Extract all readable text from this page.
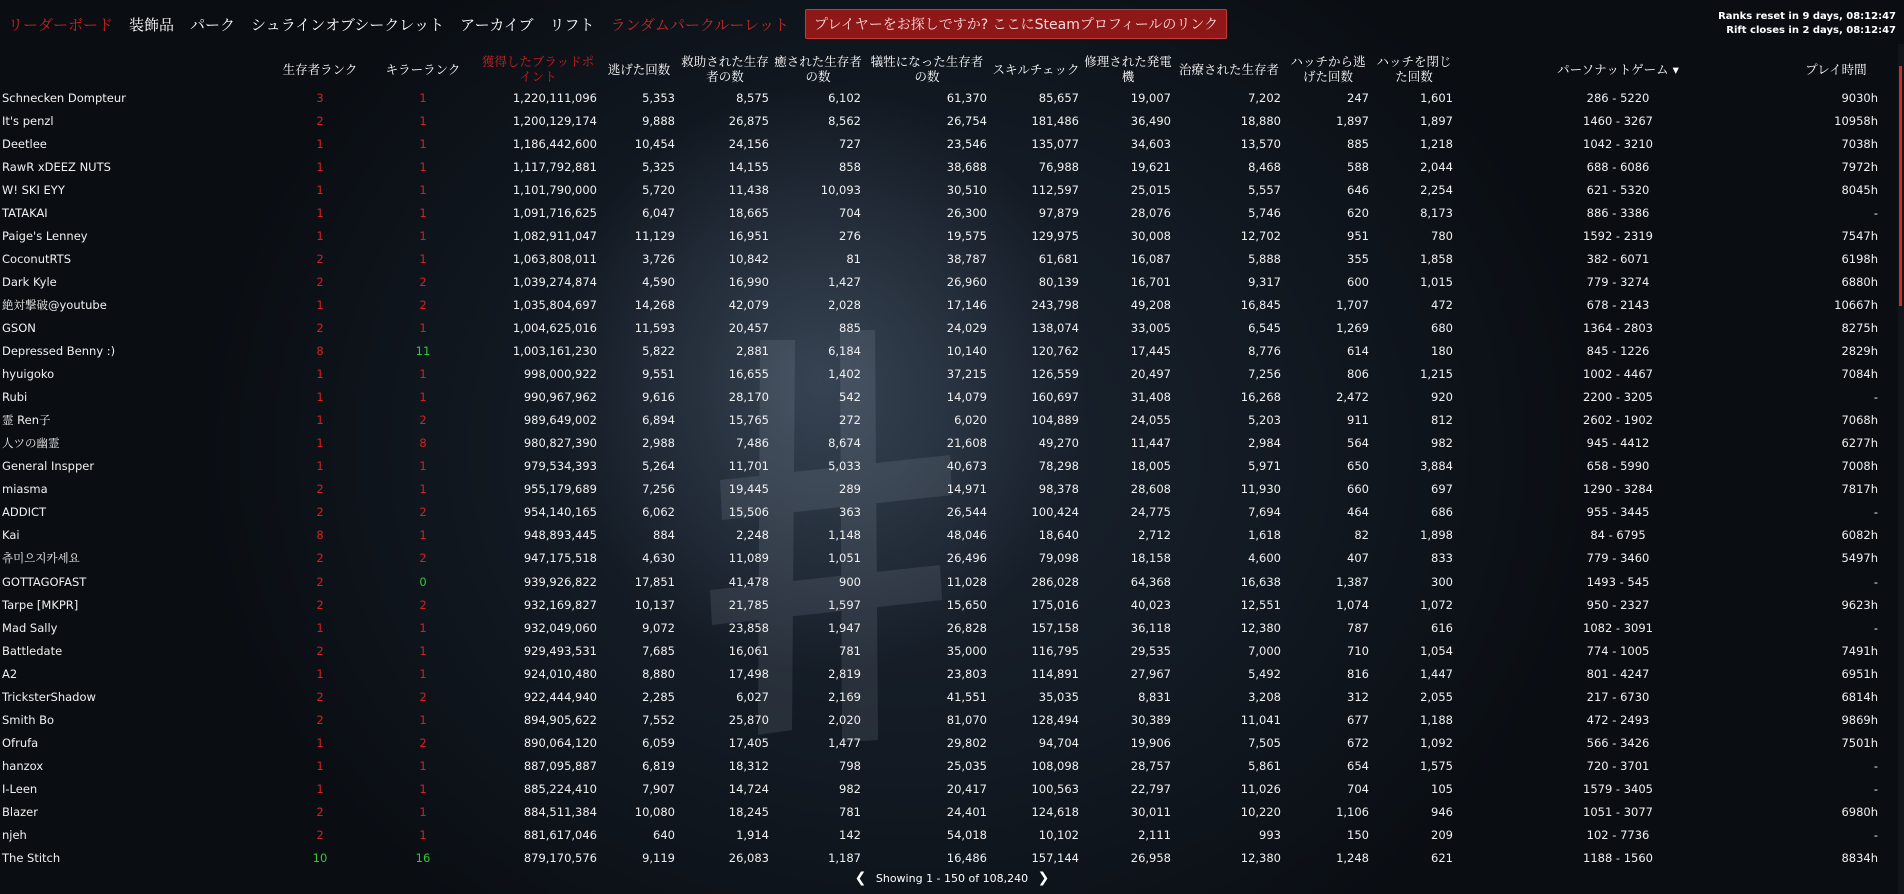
リーダーボード	装飾品	パーク	シュラインオブシークレット	アーカイブ	リフト	ランダムパークルーレット	プレイヤーをお探しですか? ここにSteamプロフィールのリンク
Ranks reset in 9 days, 08:12:47
Rift closes in 2 days, 08:12:47
	生存者ランク	キラーランク	獲得したブラッドポイント	逃げた回数	救助された生存者の数	癒された生存者の数	犠牲になった生存者の数	スキルチェック	修理された発電機	治療された生存者	ハッチから逃げた回数	ハッチを閉じた回数	パーソナットゲーム ▾	プレイ時間
Schnecken Dompteur	3	1	1,220,111,096	5,353	8,575	6,102	61,370	85,657	19,007	7,202	247	1,601	286 - 5220	9030h
It's penzl	2	1	1,200,129,174	9,888	26,875	8,562	26,754	181,486	36,490	18,880	1,897	1,897	1460 - 3267	10958h
Deetlee	1	1	1,186,442,600	10,454	24,156	727	23,546	135,077	34,603	13,570	885	1,218	1042 - 3210	7038h
RawR xDEEZ NUTS	1	1	1,117,792,881	5,325	14,155	858	38,688	76,988	19,621	8,468	588	2,044	688 - 6086	7972h
W! SKI EYY	1	1	1,101,790,000	5,720	11,438	10,093	30,510	112,597	25,015	5,557	646	2,254	621 - 5320	8045h
TATAKAI	1	1	1,091,716,625	6,047	18,665	704	26,300	97,879	28,076	5,746	620	8,173	886 - 3386	-
Paige's Lenney	1	1	1,082,911,047	11,129	16,951	276	19,575	129,975	30,008	12,702	951	780	1592 - 2319	7547h
CoconutRTS	2	1	1,063,808,011	3,726	10,842	81	38,787	61,681	16,087	5,888	355	1,858	382 - 6071	6198h
Dark Kyle	2	2	1,039,274,874	4,590	16,990	1,427	26,960	80,139	16,701	9,317	600	1,015	779 - 3274	6880h
絶対撃破@youtube	1	2	1,035,804,697	14,268	42,079	2,028	17,146	243,798	49,208	16,845	1,707	472	678 - 2143	10667h
GSON	2	1	1,004,625,016	11,593	20,457	885	24,029	138,074	33,005	6,545	1,269	680	1364 - 2803	8275h
Depressed Benny :)	8	11	1,003,161,230	5,822	2,881	6,184	10,140	120,762	17,445	8,776	614	180	845 - 1226	2829h
hyuigoko	1	1	998,000,922	9,551	16,655	1,402	37,215	126,559	20,497	7,256	806	1,215	1002 - 4467	7084h
Rubi	1	1	990,967,962	9,616	28,170	542	14,079	160,697	31,408	16,268	2,472	920	2200 - 3205	-
霊 Ren子	1	2	989,649,002	6,894	15,765	272	6,020	104,889	24,055	5,203	911	812	2602 - 1902	7068h
人ツの幽霊	1	8	980,827,390	2,988	7,486	8,674	21,608	49,270	11,447	2,984	564	982	945 - 4412	6277h
General Inspper	1	1	979,534,393	5,264	11,701	5,033	40,673	78,298	18,005	5,971	650	3,884	658 - 5990	7008h
miasma	2	1	955,179,689	7,256	19,445	289	14,971	98,378	28,608	11,930	660	697	1290 - 3284	7817h
ADDICT	2	2	954,140,165	6,062	15,506	363	26,544	100,424	24,775	7,694	464	686	955 - 3445	-
Kai	8	1	948,893,445	884	2,248	1,148	48,046	18,640	2,712	1,618	82	1,898	84 - 6795	6082h
츄미으지카세요	2	2	947,175,518	4,630	11,089	1,051	26,496	79,098	18,158	4,600	407	833	779 - 3460	5497h
GOTTAGOFAST	2	0	939,926,822	17,851	41,478	900	11,028	286,028	64,368	16,638	1,387	300	1493 - 545	-
Tarpe [MKPR]	2	2	932,169,827	10,137	21,785	1,597	15,650	175,016	40,023	12,551	1,074	1,072	950 - 2327	9623h
Mad Sally	1	1	932,049,060	9,072	23,858	1,947	26,828	157,158	36,118	12,380	787	616	1082 - 3091	-
Battledate	2	1	929,493,531	7,685	16,061	781	35,000	116,795	29,535	7,000	710	1,054	774 - 1005	7491h
A2	1	1	924,010,480	8,880	17,498	2,819	23,803	114,891	27,967	5,492	816	1,447	801 - 4247	6951h
TricksterShadow	2	2	922,444,940	2,285	6,027	2,169	41,551	35,035	8,831	3,208	312	2,055	217 - 6730	6814h
Smith Bo	2	1	894,905,622	7,552	25,870	2,020	81,070	128,494	30,389	11,041	677	1,188	472 - 2493	9869h
Ofrufa	1	2	890,064,120	6,059	17,405	1,477	29,802	94,704	19,906	7,505	672	1,092	566 - 3426	7501h
hanzox	1	1	887,095,887	6,819	18,312	798	25,035	108,098	28,757	5,861	654	1,575	720 - 3701	-
I-Leen	1	1	885,224,410	7,907	14,724	982	20,417	100,563	22,797	11,026	704	105	1579 - 3405	-
Blazer	2	1	884,511,384	10,080	18,245	781	24,401	124,618	30,011	10,220	1,106	946	1051 - 3077	6980h
njeh	2	1	881,617,046	640	1,914	142	54,018	10,102	2,111	993	150	209	102 - 7736	-
The Stitch	10	16	879,170,576	9,119	26,083	1,187	16,486	157,144	26,958	12,380	1,248	621	1188 - 1560	8834h
❮ Showing 1 - 150 of 108,240 ❯
